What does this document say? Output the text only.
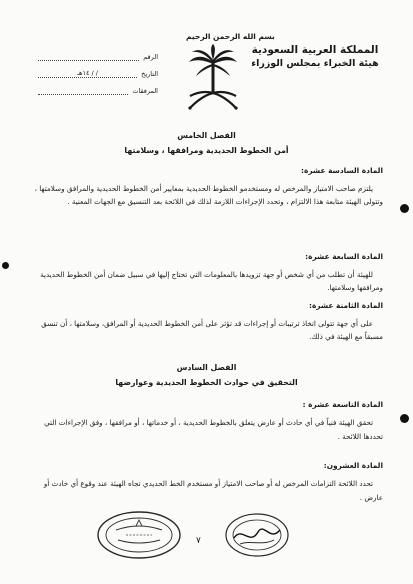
المملكة العربية السعودية
هيئة الخبراء بمجلس الوزراء
بسم الله الرحمن الرحيم
الرقم
/ / ١٤هـ	التاريخ
المرفقات
الفصل الخامس
أمن الخطوط الحديدية ومرافقها ، وسلامتها
المادة السادسة عشرة:
يلتزم صاحب الامتياز والمرخص له ومستخدمو الخطوط الحديدية بمعايير أمن الخطوط الحديدية والمرافق وسلامتها ، وتتولى الهيئة متابعة هذا الالتزام ، وتحدد الإجراءات اللازمة لذلك في اللائحة بعد التنسيق مع الجهات المعنية .
المادة السابعة عشرة:
للهيئة أن تطلب من أي شخص أو جهة تزويدها بالمعلومات التي تحتاج إليها في سبيل ضمان أمن الخطوط الحديدية ومرافقها وسلامتها.
المادة الثامنة عشرة:
على أي جهة تتولى اتخاذ ترتيبات أو إجراءات قد تؤثر على أمن الخطوط الحديدية أو المرافق، وسلامتها ، أن تنسق مسبقاً مع الهيئة في ذلك.
الفصل السادس
التحقيق في حوادث الخطوط الحديدية وعوارضها
المادة التاسعة عشرة :
تحقق الهيئة فنياً في أي حادث أو عارض يتعلق بالخطوط الحديدية ، أو خدماتها ، أو مرافقها ، وفق الإجراءات التي تحددها اللائحة .
المادة العشرون:
تحدد اللائحة التزامات المرخص له أو صاحب الامتياز أو مستخدم الخط الحديدي تجاه الهيئة عند وقوع أي حادث أو عارض .
٧
